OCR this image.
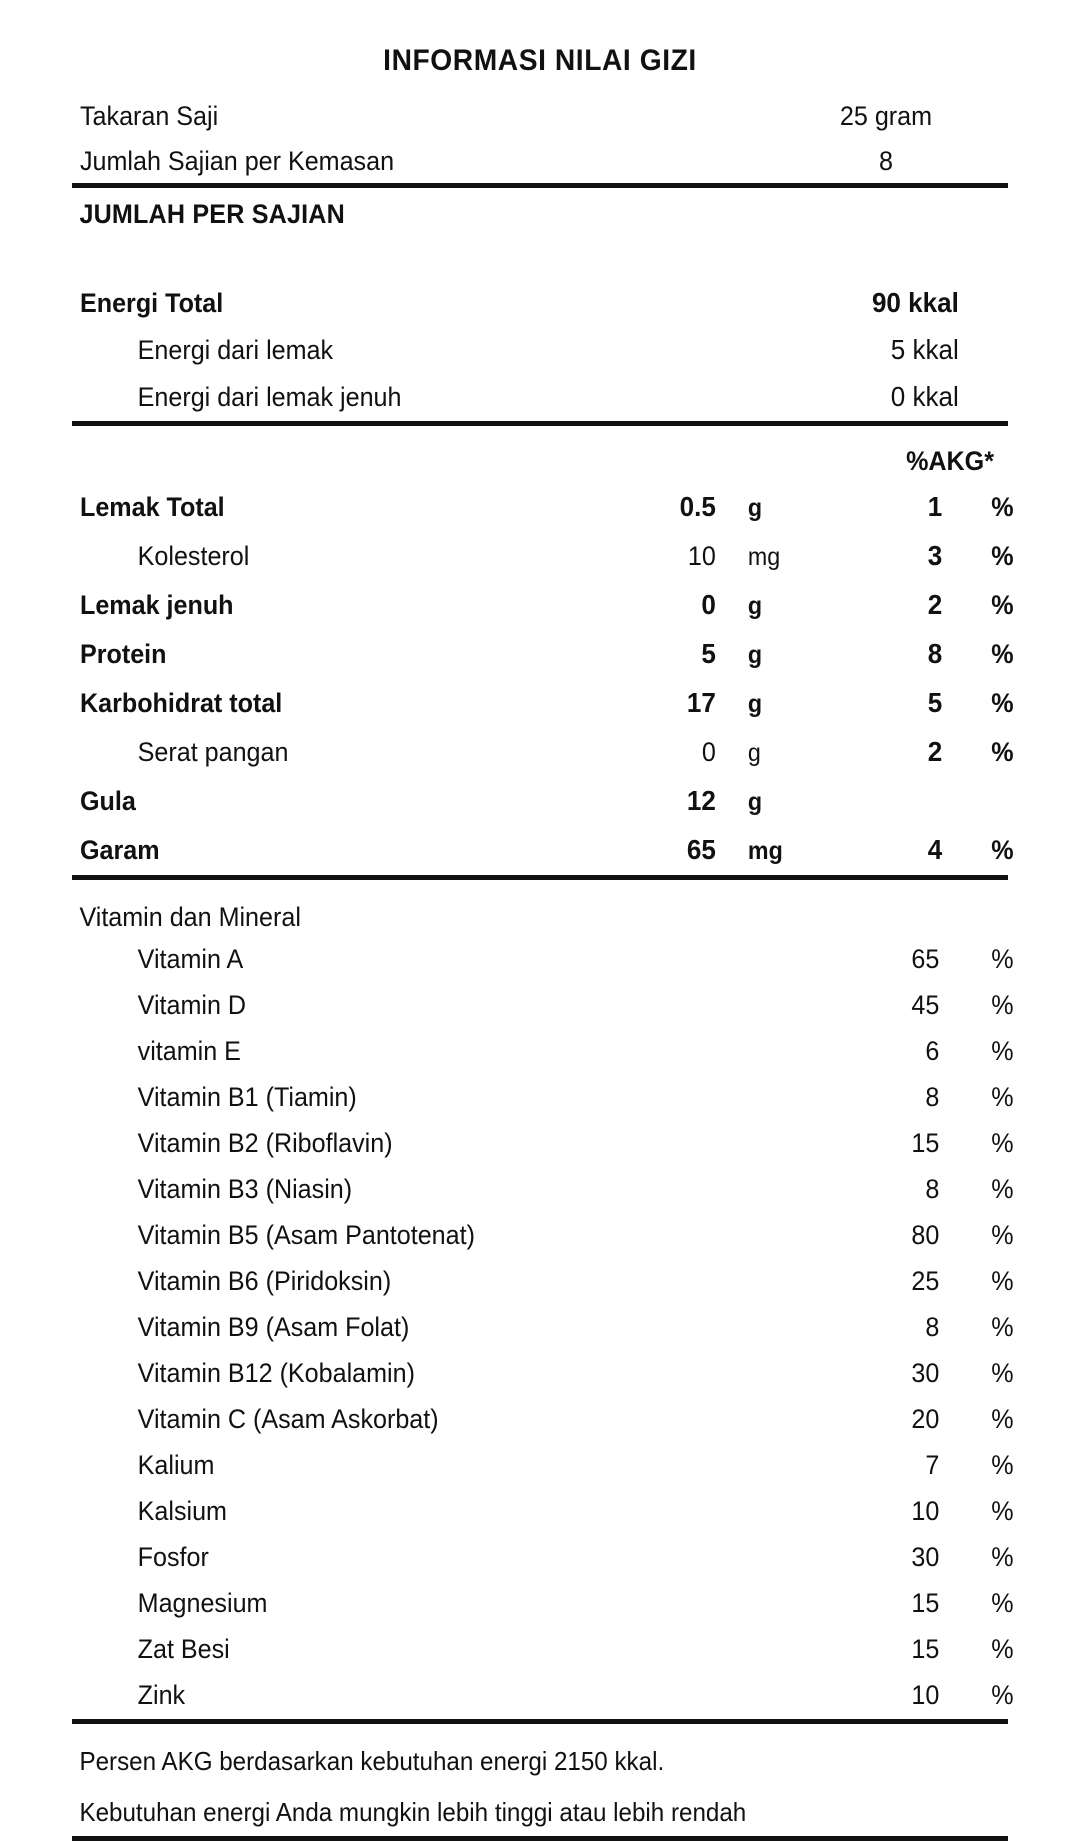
INFORMASI NILAI GIZI
Takaran Saji	25 gram
Jumlah Sajian per Kemasan	8
JUMLAH PER SAJIAN
Energi Total	90 kkal
Energi dari lemak	5 kkal
Energi dari lemak jenuh	0 kkal
%AKG*
Lemak Total	0.5	g	1	%
Kolesterol	10	mg	3	%
Lemak jenuh	0	g	2	%
Protein	5	g	8	%
Karbohidrat total	17	g	5	%
Serat pangan	0	g	2	%
Gula	12	g
Garam	65	mg	4	%
Vitamin dan Mineral
Vitamin A	65	%
Vitamin D	45	%
vitamin E	6	%
Vitamin B1 (Tiamin)	8	%
Vitamin B2 (Riboflavin)	15	%
Vitamin B3 (Niasin)	8	%
Vitamin B5 (Asam Pantotenat)	80	%
Vitamin B6 (Piridoksin)	25	%
Vitamin B9 (Asam Folat)	8	%
Vitamin B12 (Kobalamin)	30	%
Vitamin C (Asam Askorbat)	20	%
Kalium	7	%
Kalsium	10	%
Fosfor	30	%
Magnesium	15	%
Zat Besi	15	%
Zink	10	%
Persen AKG berdasarkan kebutuhan energi 2150 kkal.
Kebutuhan energi Anda mungkin lebih tinggi atau lebih rendah
